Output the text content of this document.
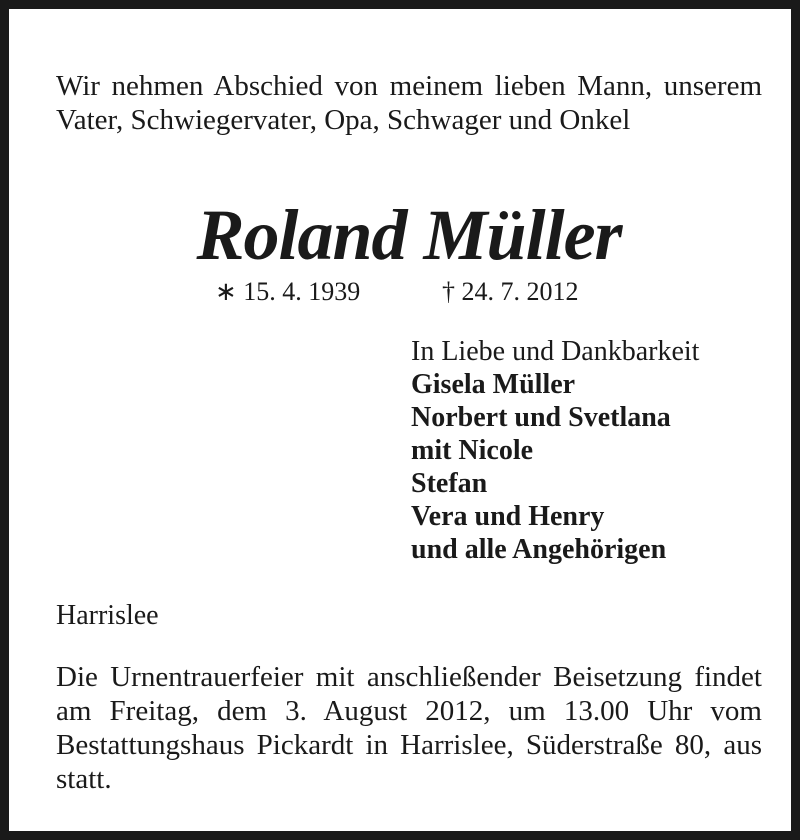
Wir nehmen Abschied von meinem lieben Mann, unserem Vater, Schwiegervater, Opa, Schwager und Onkel

Roland Müller
∗ 15. 4. 1939	† 24. 7. 2012
In Liebe und Dankbarkeit
Gisela Müller
Norbert und Svetlana
mit Nicole
Stefan
Vera und Henry
und alle Angehörigen

Harrislee

Die Urnentrauerfeier mit anschließender Beisetzung findet am Freitag, dem 3. August 2012, um 13.00 Uhr vom Bestattungshaus Pickardt in Harrislee, Süderstraße 80, aus statt.
